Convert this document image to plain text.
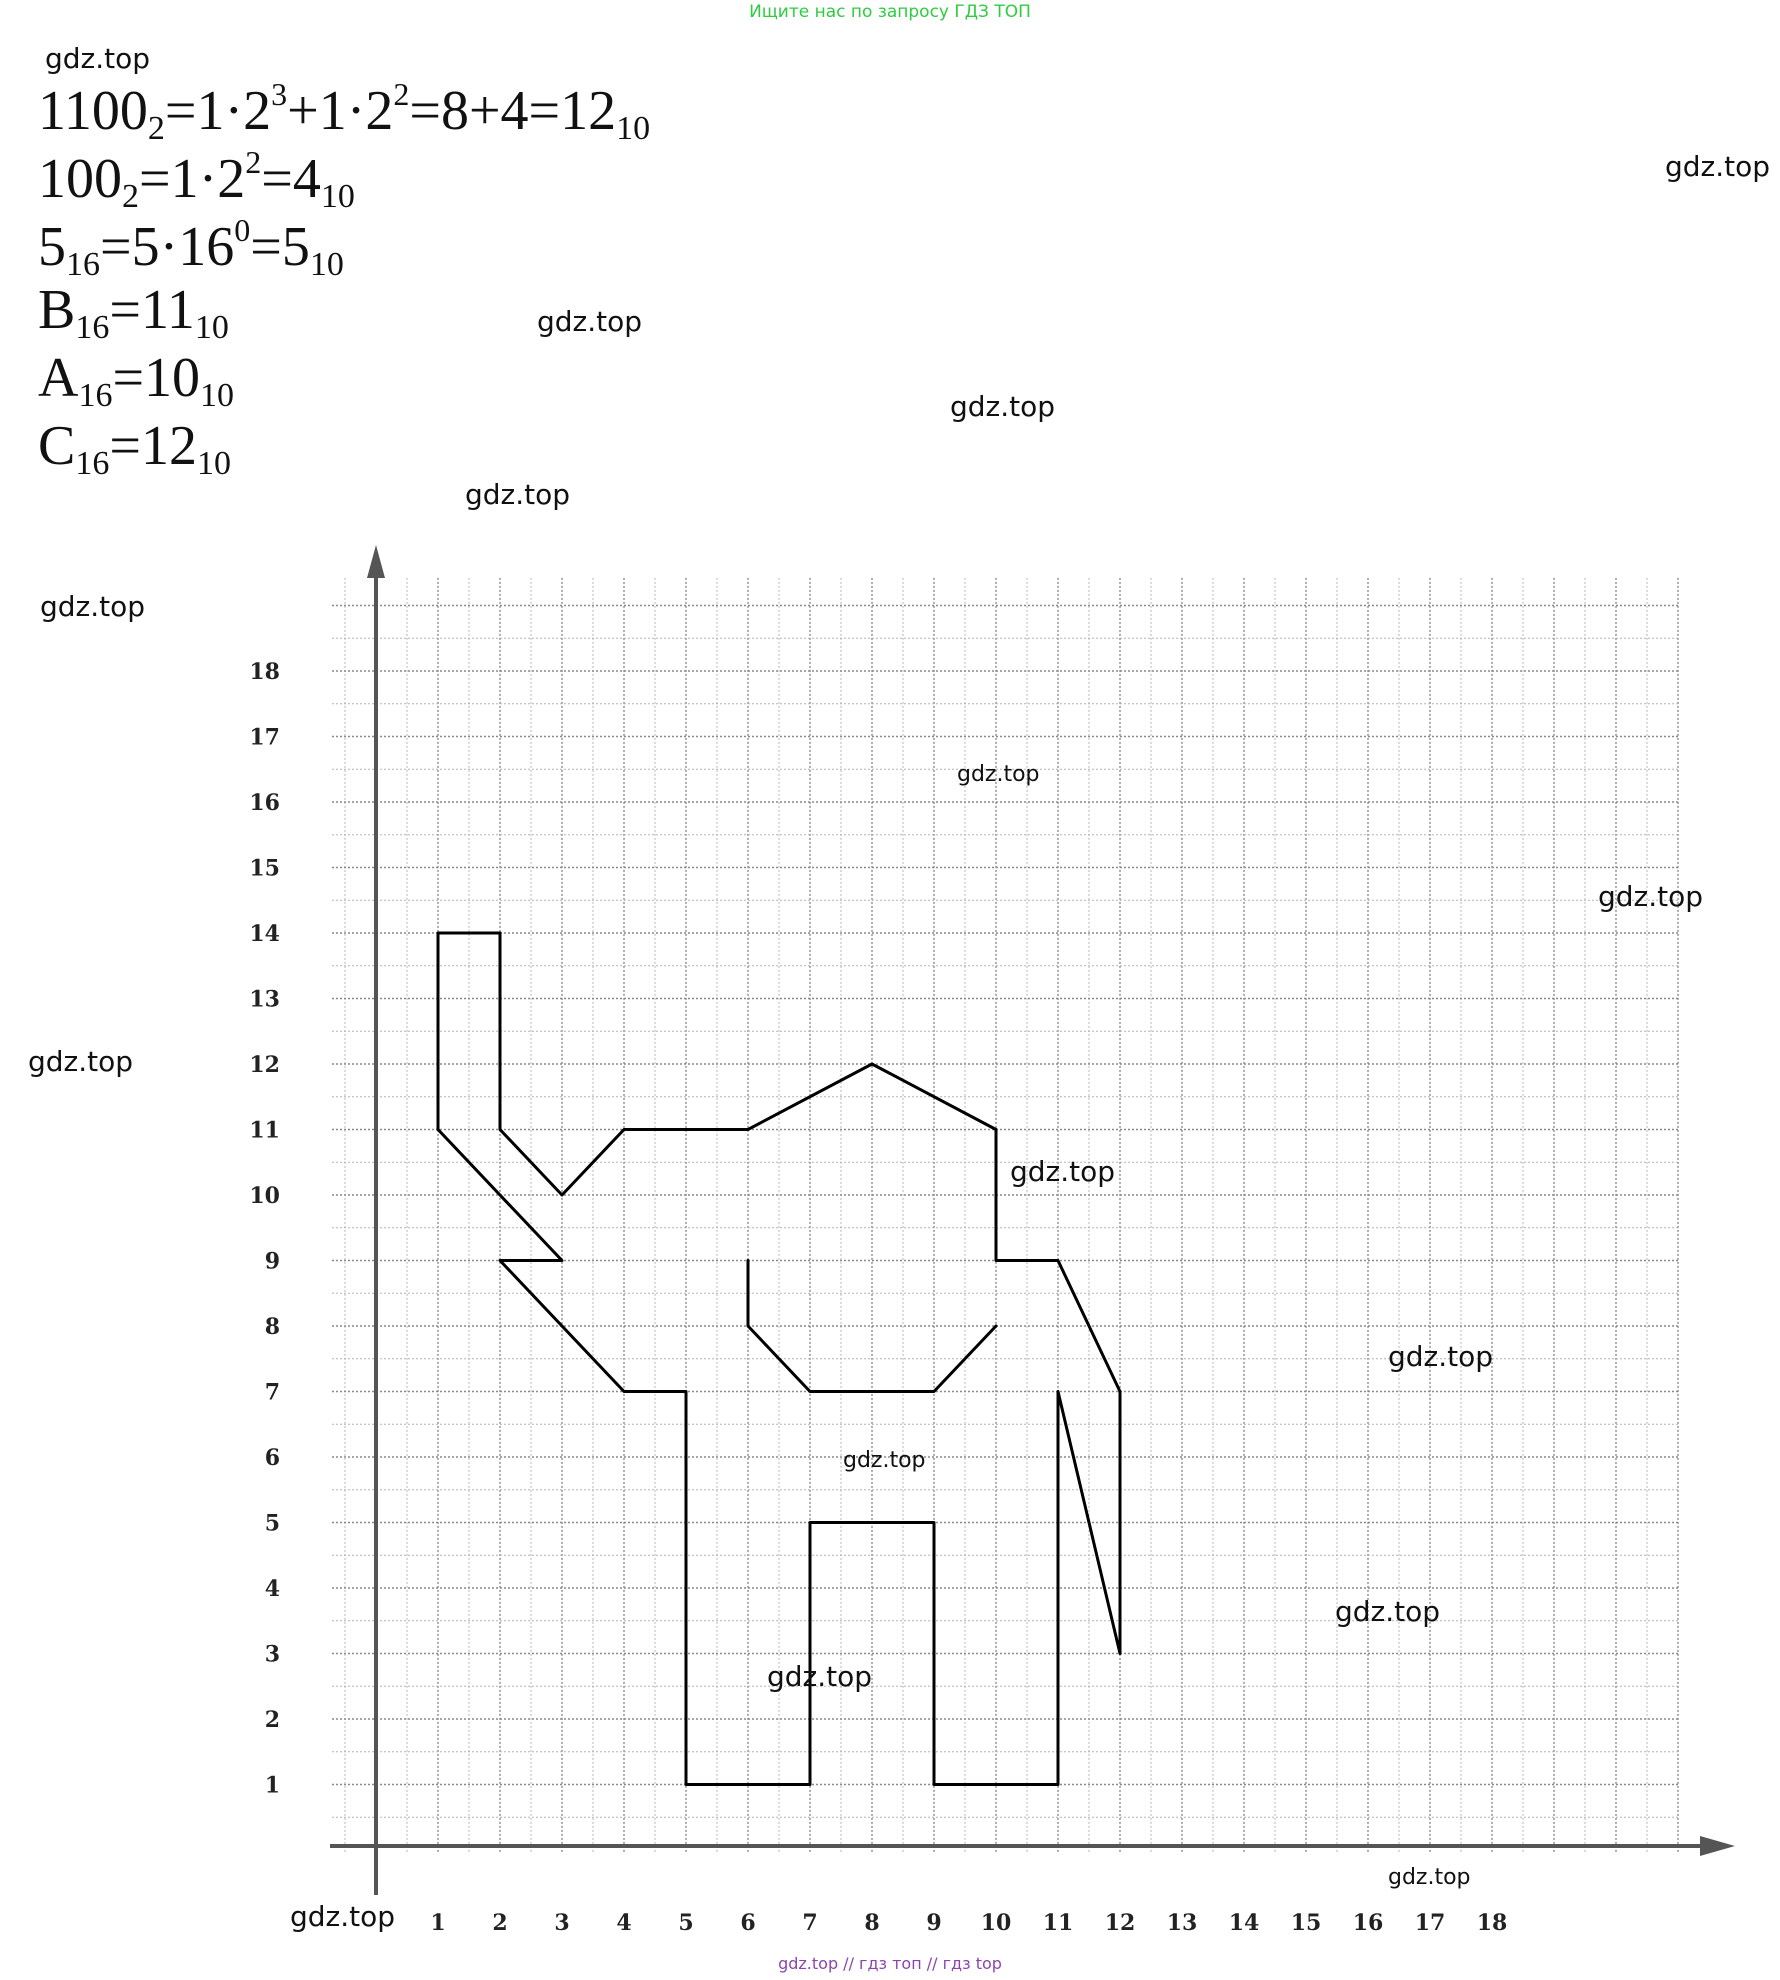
Ищите нас по запросу ГДЗ ТОП
$1100_2=1\cdot 2^3+1\cdot 2^2=8+4=12_{10}$
$100_2=1\cdot 2^2=4_{10}$
$5_{16}=5\cdot 16^0=5_{10}$
$B_{16}=11_{10}$
$A_{16}=10_{10}$
$C_{16}=12_{10}$
1 2 3 4 5 6 7 8 9 10 11 12 13 14 15 16 17 18
1
2
3
4
5
6
7
8
9
10
11
12
13
14
15
16
17
18
gdz.top
gdz.top
gdz.top
gdz.top
gdz.top
gdz.top
gdz.top
gdz.top
gdz.top
gdz.top
gdz.top
gdz.top
gdz.top
gdz.top
gdz.top
gdz.top
gdz.top // гдз топ // гдз top
